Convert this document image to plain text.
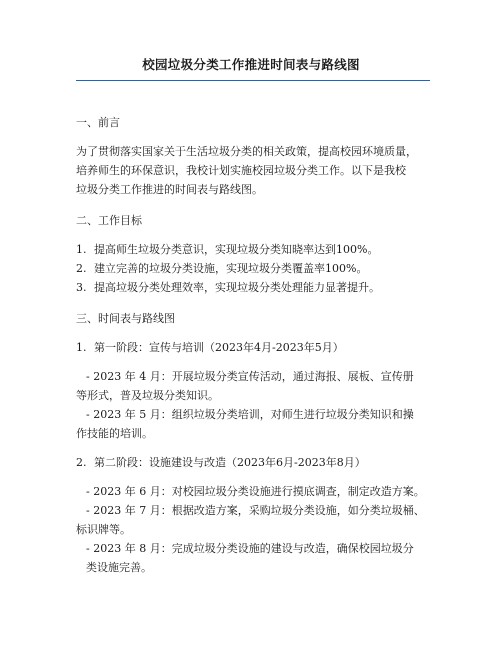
校园垃圾分类工作推进时间表与路线图
一、前言
为了贯彻落实国家关于生活垃圾分类的相关政策，提高校园环境质量，
培养师生的环保意识，我校计划实施校园垃圾分类工作。以下是我校
垃圾分类工作推进的时间表与路线图。
二、工作目标
1. 提高师生垃圾分类意识，实现垃圾分类知晓率达到100%。
2. 建立完善的垃圾分类设施，实现垃圾分类覆盖率100%。
3. 提高垃圾分类处理效率，实现垃圾分类处理能力显著提升。
三、时间表与路线图
1. 第一阶段：宣传与培训（2023年4月-2023年5月）
- 2023 年 4 月：开展垃圾分类宣传活动，通过海报、展板、宣传册
等形式，普及垃圾分类知识。
- 2023 年 5 月：组织垃圾分类培训，对师生进行垃圾分类知识和操
作技能的培训。
2. 第二阶段：设施建设与改造（2023年6月-2023年8月）
- 2023 年 6 月：对校园垃圾分类设施进行摸底调查，制定改造方案。
- 2023 年 7 月：根据改造方案，采购垃圾分类设施，如分类垃圾桶、
标识牌等。
- 2023 年 8 月：完成垃圾分类设施的建设与改造，确保校园垃圾分
类设施完善。
